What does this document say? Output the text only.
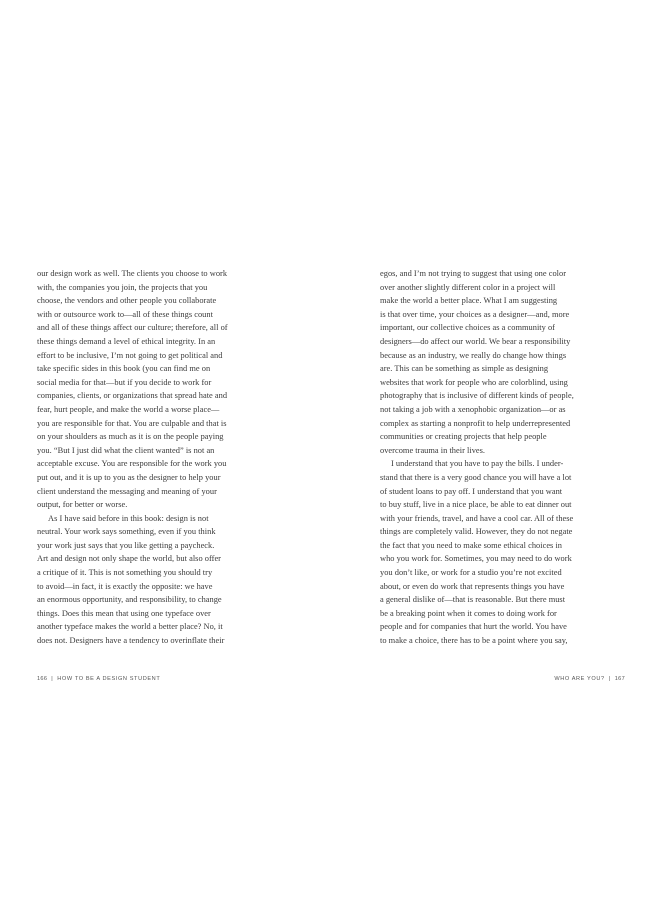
our design work as well. The clients you choose to work
with, the companies you join, the projects that you
choose, the vendors and other people you collaborate
with or outsource work to—all of these things count
and all of these things affect our culture; therefore, all of
these things demand a level of ethical integrity. In an
effort to be inclusive, I’m not going to get political and
take specific sides in this book (you can find me on
social media for that—but if you decide to work for
companies, clients, or organizations that spread hate and
fear, hurt people, and make the world a worse place—
you are responsible for that. You are culpable and that is
on your shoulders as much as it is on the people paying
you. “But I just did what the client wanted” is not an
acceptable excuse. You are responsible for the work you
put out, and it is up to you as the designer to help your
client understand the messaging and meaning of your
output, for better or worse.
As I have said before in this book: design is not
neutral. Your work says something, even if you think
your work just says that you like getting a paycheck.
Art and design not only shape the world, but also offer
a critique of it. This is not something you should try
to avoid—in fact, it is exactly the opposite: we have
an enormous opportunity, and responsibility, to change
things. Does this mean that using one typeface over
another typeface makes the world a better place? No, it
does not. Designers have a tendency to overinflate their
egos, and I’m not trying to suggest that using one color
over another slightly different color in a project will
make the world a better place. What I am suggesting
is that over time, your choices as a designer—and, more
important, our collective choices as a community of
designers—do affect our world. We bear a responsibility
because as an industry, we really do change how things
are. This can be something as simple as designing
websites that work for people who are colorblind, using
photography that is inclusive of different kinds of people,
not taking a job with a xenophobic organization—or as
complex as starting a nonprofit to help underrepresented
communities or creating projects that help people
overcome trauma in their lives.
I understand that you have to pay the bills. I under-
stand that there is a very good chance you will have a lot
of student loans to pay off. I understand that you want
to buy stuff, live in a nice place, be able to eat dinner out
with your friends, travel, and have a cool car. All of these
things are completely valid. However, they do not negate
the fact that you need to make some ethical choices in
who you work for. Sometimes, you may need to do work
you don’t like, or work for a studio you’re not excited
about, or even do work that represents things you have
a general dislike of—that is reasonable. But there must
be a breaking point when it comes to doing work for
people and for companies that hurt the world. You have
to make a choice, there has to be a point where you say,
166 | HOW TO BE A DESIGN STUDENT	WHO ARE YOU? | 167
